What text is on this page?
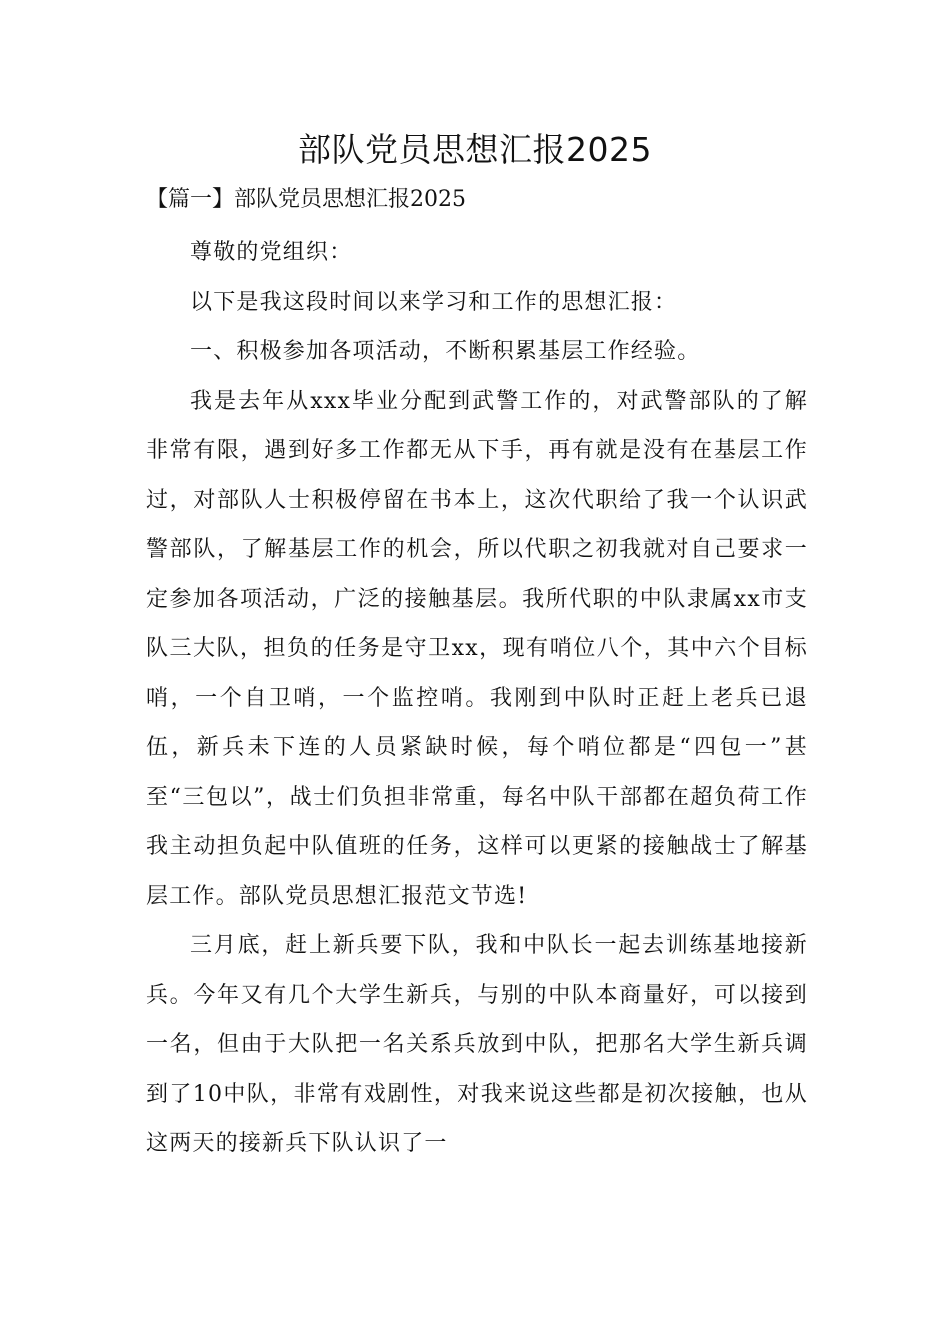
部队党员思想汇报2025
【篇一】部队党员思想汇报2025

尊敬的党组织：

以下是我这段时间以来学习和工作的思想汇报：

一、积极参加各项活动，不断积累基层工作经验。

我是去年从xxx毕业分配到武警工作的，对武警部队的了解非常有限，遇到好多工作都无从下手，再有就是没有在基层工作过，对部队人士积极停留在书本上，这次代职给了我一个认识武警部队，了解基层工作的机会，所以代职之初我就对自己要求一定参加各项活动，广泛的接触基层。我所代职的中队隶属xx市支队三大队，担负的任务是守卫xx，现有哨位八个，其中六个目标哨，一个自卫哨，一个监控哨。我刚到中队时正赶上老兵已退伍，新兵未下连的人员紧缺时候，每个哨位都是“四包一”甚至“三包以”，战士们负担非常重，每名中队干部都在超负荷工作我主动担负起中队值班的任务，这样可以更紧的接触战士了解基层工作。部队党员思想汇报范文节选!

三月底，赶上新兵要下队，我和中队长一起去训练基地接新兵。今年又有几个大学生新兵，与别的中队本商量好，可以接到一名，但由于大队把一名关系兵放到中队，把那名大学生新兵调到了10中队，非常有戏剧性，对我来说这些都是初次接触，也从这两天的接新兵下队认识了一
